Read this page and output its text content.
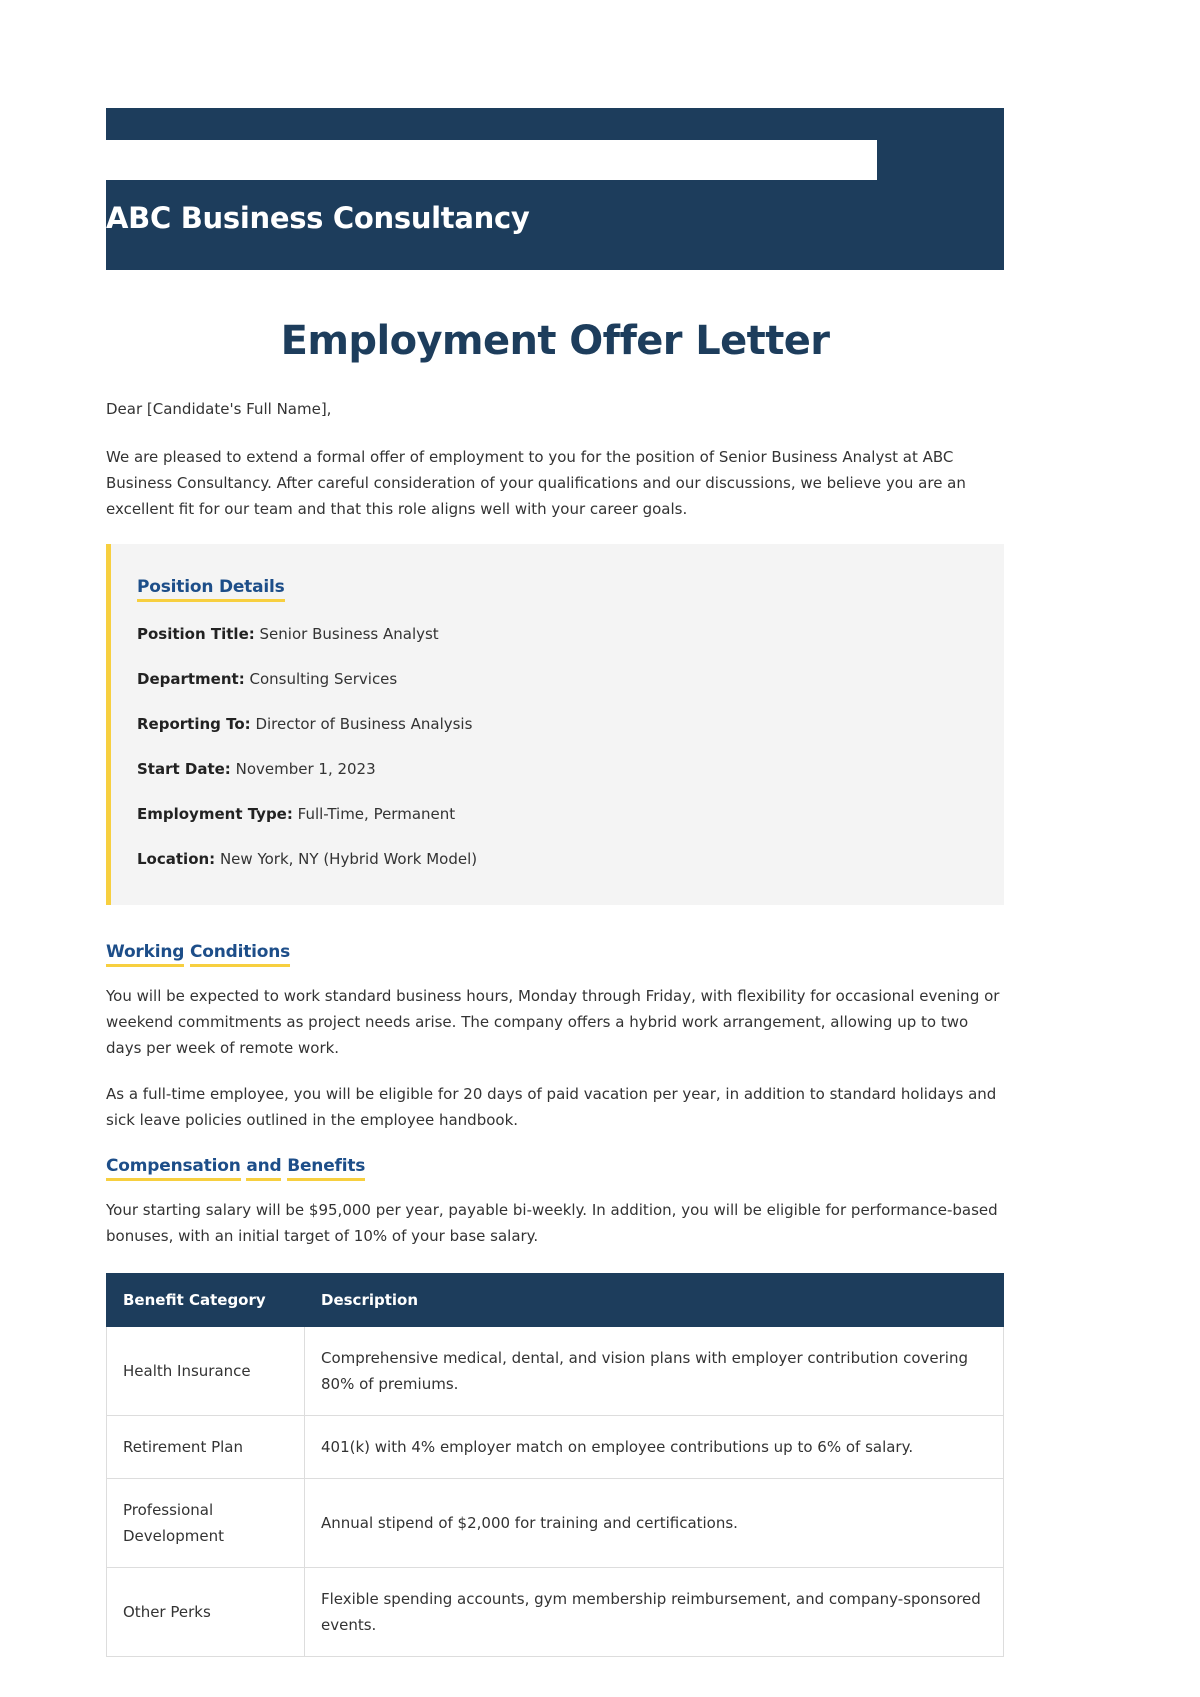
ABC Business Consultancy
123 Corporate Drive
New York, NY 10001
October 15, 2023
Employment Offer Letter

Dear [Candidate's Full Name],

We are pleased to extend a formal offer of employment to you for the position of Senior Business Analyst at ABC Business Consultancy. After careful consideration of your qualifications and our discussions, we believe you are an excellent fit for our team and that this role aligns well with your career goals.

Position Details
Position Title: Senior Business Analyst
Department: Consulting Services
Reporting To: Director of Business Analysis
Start Date: November 1, 2023
Employment Type: Full-Time, Permanent
Location: New York, NY (Hybrid Work Model)
Working Conditions

You will be expected to work standard business hours, Monday through Friday, with flexibility for occasional evening or weekend commitments as project needs arise. The company offers a hybrid work arrangement, allowing up to two days per week of remote work.

As a full-time employee, you will be eligible for 20 days of paid vacation per year, in addition to standard holidays and sick leave policies outlined in the employee handbook.

Compensation and Benefits

Your starting salary will be $95,000 per year, payable bi-weekly. In addition, you will be eligible for performance-based bonuses, with an initial target of 10% of your base salary.

Benefit Category	Description
Health Insurance	Comprehensive medical, dental, and vision plans with employer contribution covering 80% of premiums.
Retirement Plan	401(k) with 4% employer match on employee contributions up to 6% of salary.
Professional Development	Annual stipend of $2,000 for training and certifications.
Other Perks	Flexible spending accounts, gym membership reimbursement, and company-sponsored events.
